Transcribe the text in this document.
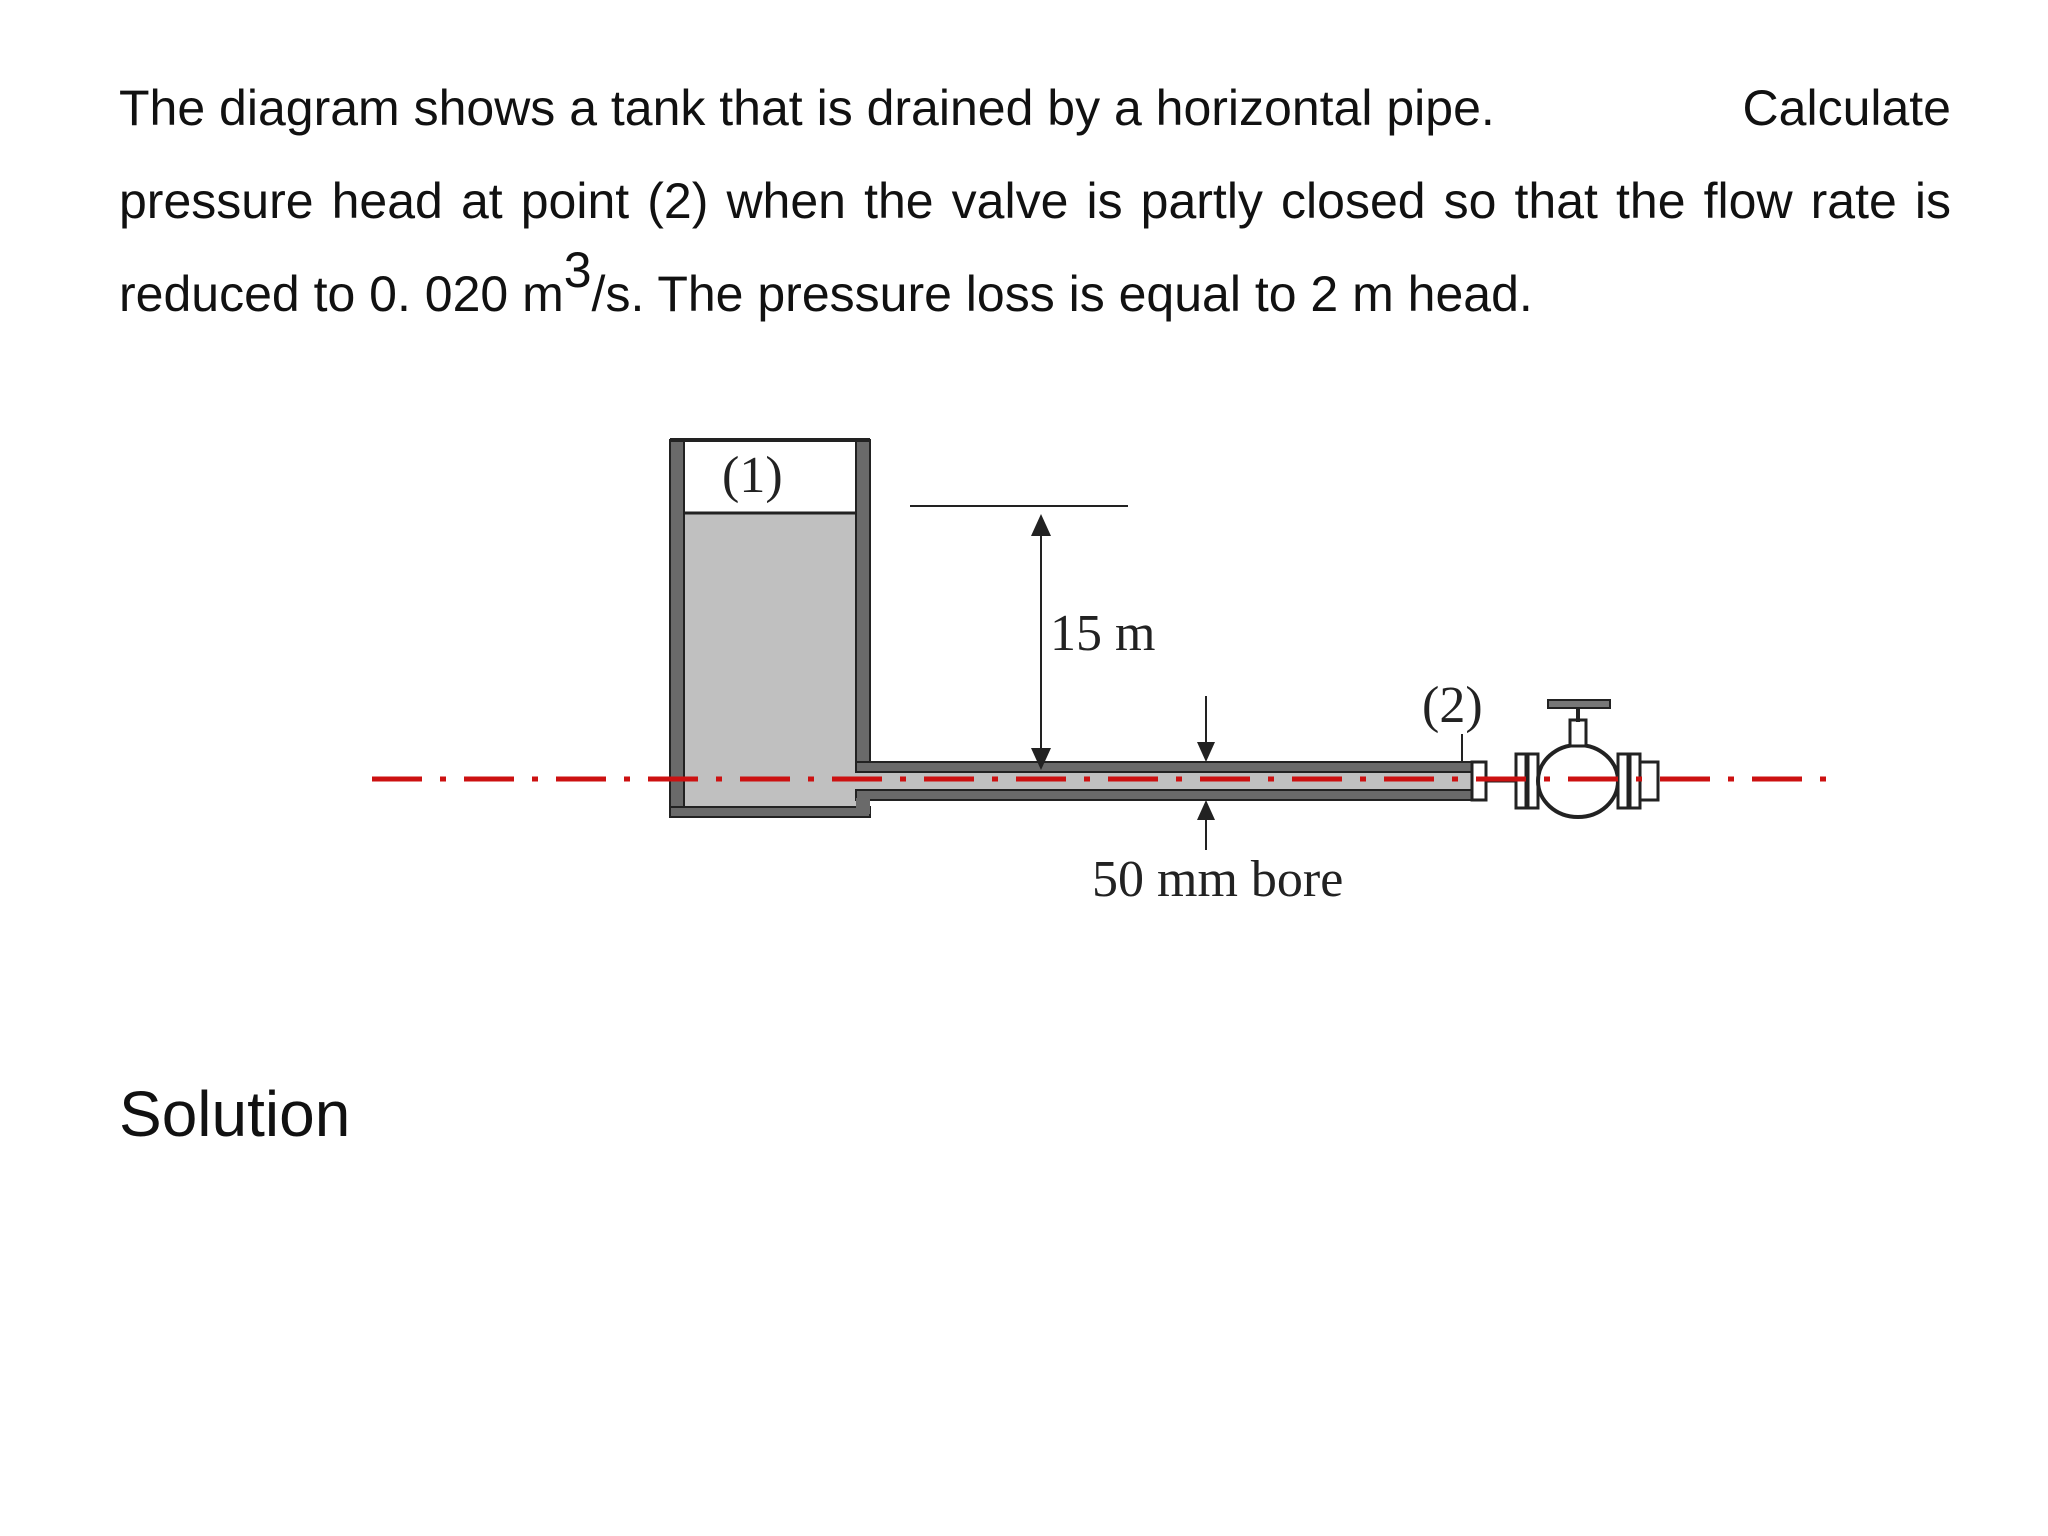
The diagram shows a tank that is drained by a horizontal pipe.	Calculate
pressure head at point (2) when the valve is partly closed so that the flow rate is
reduced to 0. 020 $m^3/s$. The pressure loss is equal to 2 m head.
15 m
50 mm bore
(1)
(2)
Solution
